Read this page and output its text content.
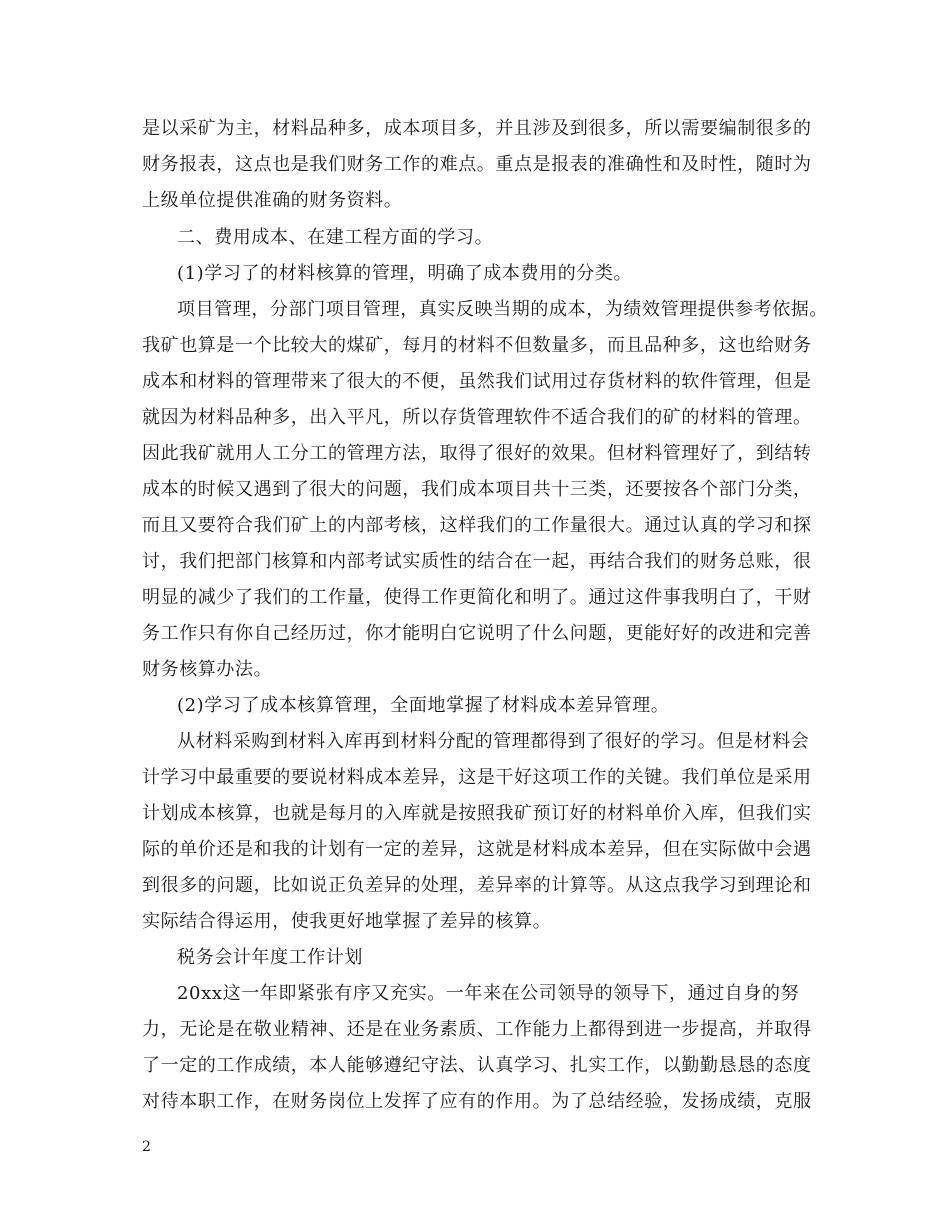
是以采矿为主，材料品种多，成本项目多，并且涉及到很多，所以需要编制很多的
财务报表，这点也是我们财务工作的难点。重点是报表的准确性和及时性，随时为
上级单位提供准确的财务资料。
二、费用成本、在建工程方面的学习。
(1)学习了的材料核算的管理，明确了成本费用的分类。
项目管理，分部门项目管理，真实反映当期的成本，为绩效管理提供参考依据。
我矿也算是一个比较大的煤矿，每月的材料不但数量多，而且品种多，这也给财务
成本和材料的管理带来了很大的不便，虽然我们试用过存货材料的软件管理，但是
就因为材料品种多，出入平凡，所以存货管理软件不适合我们的矿的材料的管理。
因此我矿就用人工分工的管理方法，取得了很好的效果。但材料管理好了，到结转
成本的时候又遇到了很大的问题，我们成本项目共十三类，还要按各个部门分类，
而且又要符合我们矿上的内部考核，这样我们的工作量很大。通过认真的学习和探
讨，我们把部门核算和内部考试实质性的结合在一起，再结合我们的财务总账，很
明显的减少了我们的工作量，使得工作更简化和明了。通过这件事我明白了，干财
务工作只有你自己经历过，你才能明白它说明了什么问题，更能好好的改进和完善
财务核算办法。
(2)学习了成本核算管理，全面地掌握了材料成本差异管理。
从材料采购到材料入库再到材料分配的管理都得到了很好的学习。但是材料会
计学习中最重要的要说材料成本差异，这是干好这项工作的关键。我们单位是采用
计划成本核算，也就是每月的入库就是按照我矿预订好的材料单价入库，但我们实
际的单价还是和我的计划有一定的差异，这就是材料成本差异，但在实际做中会遇
到很多的问题，比如说正负差异的处理，差异率的计算等。从这点我学习到理论和
实际结合得运用，使我更好地掌握了差异的核算。
税务会计年度工作计划
20xx这一年即紧张有序又充实。一年来在公司领导的领导下，通过自身的努
力，无论是在敬业精神、还是在业务素质、工作能力上都得到进一步提高，并取得
了一定的工作成绩，本人能够遵纪守法、认真学习、扎实工作，以勤勤恳恳的态度
对待本职工作，在财务岗位上发挥了应有的作用。为了总结经验，发扬成绩，克服
2
